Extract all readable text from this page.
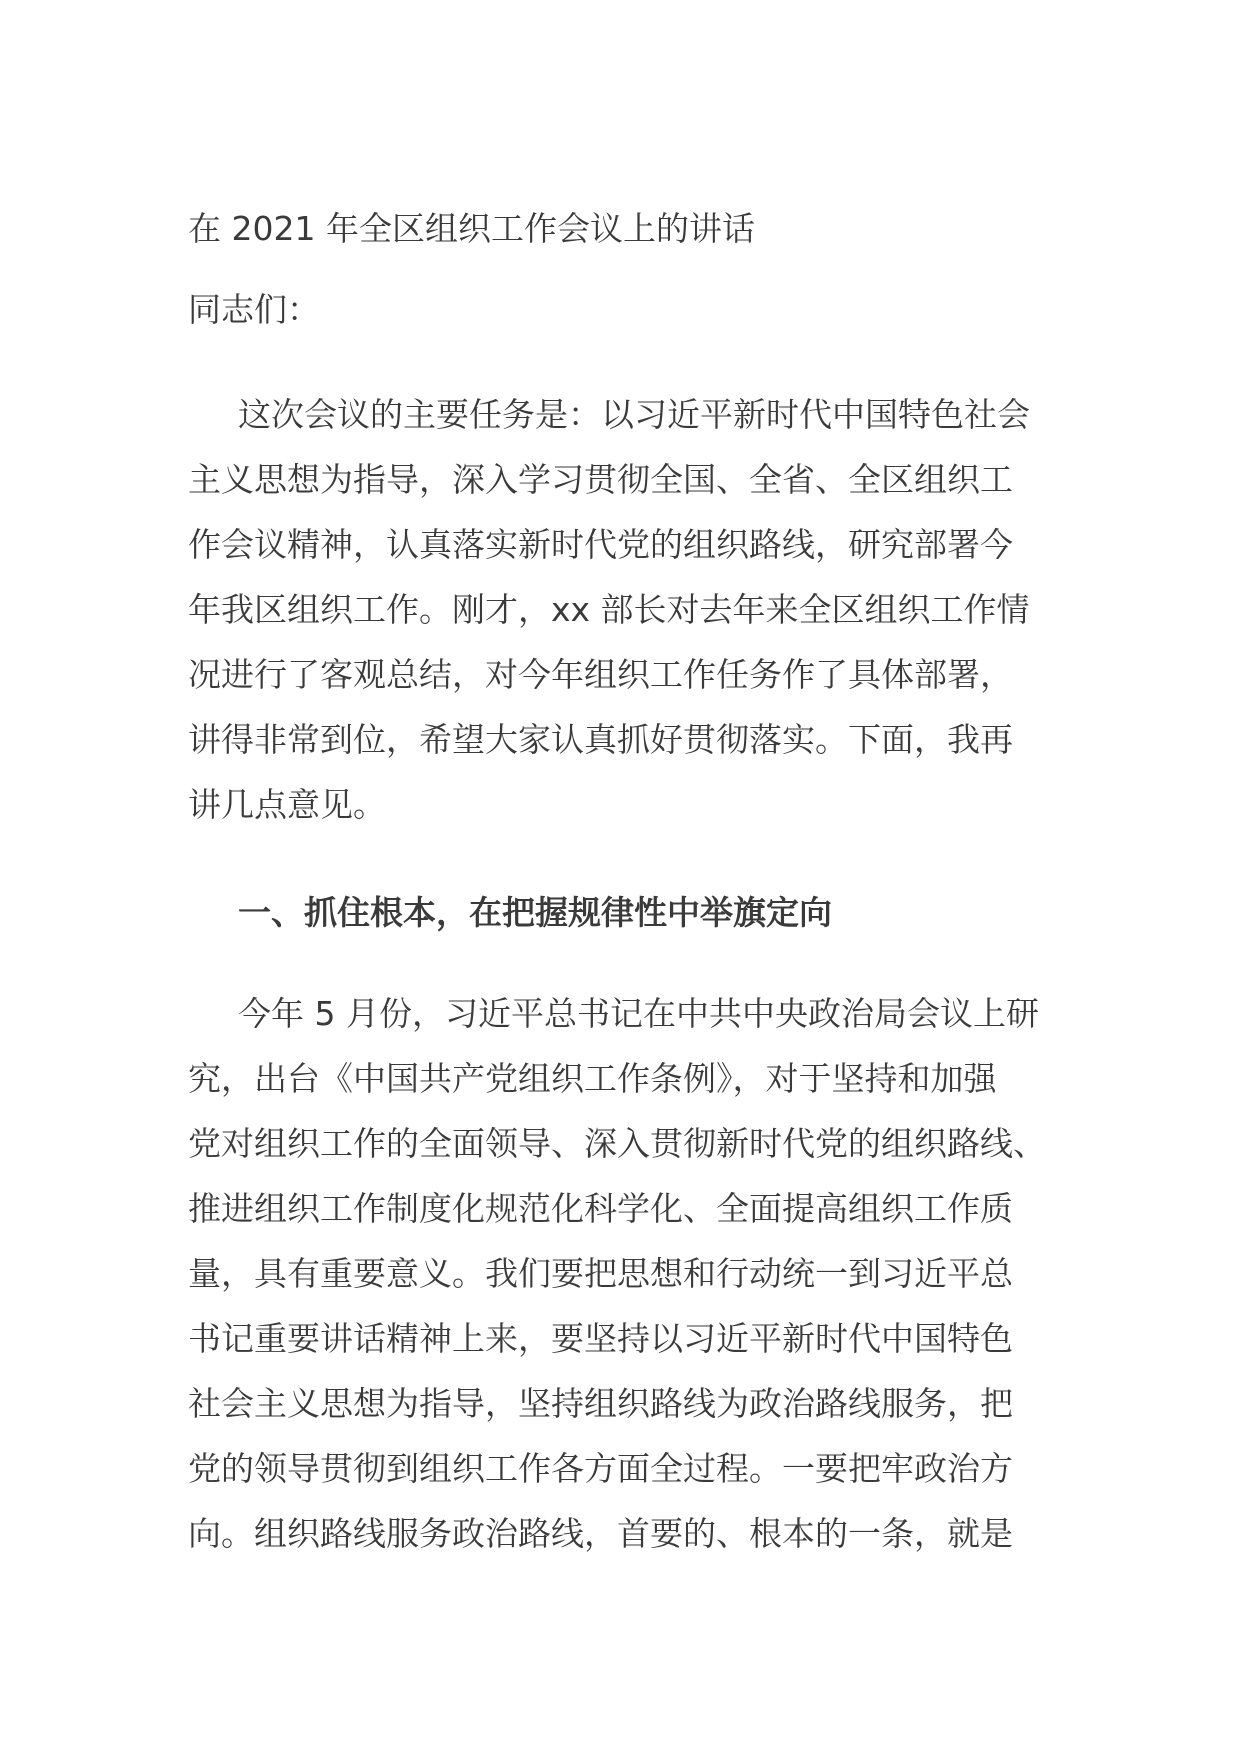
在 2021 年全区组织工作会议上的讲话
同志们：
这次会议的主要任务是：以习近平新时代中国特色社会
主义思想为指导，深入学习贯彻全国、全省、全区组织工
作会议精神，认真落实新时代党的组织路线，研究部署今
年我区组织工作。刚才，xx 部长对去年来全区组织工作情
况进行了客观总结，对今年组织工作任务作了具体部署，
讲得非常到位，希望大家认真抓好贯彻落实。下面，我再
讲几点意见。
一、抓住根本，在把握规律性中举旗定向
今年 5 月份，习近平总书记在中共中央政治局会议上研
究，出台《中国共产党组织工作条例》，对于坚持和加强
党对组织工作的全面领导、深入贯彻新时代党的组织路线、
推进组织工作制度化规范化科学化、全面提高组织工作质
量，具有重要意义。我们要把思想和行动统一到习近平总
书记重要讲话精神上来，要坚持以习近平新时代中国特色
社会主义思想为指导，坚持组织路线为政治路线服务，把
党的领导贯彻到组织工作各方面全过程。一要把牢政治方
向。组织路线服务政治路线，首要的、根本的一条，就是
